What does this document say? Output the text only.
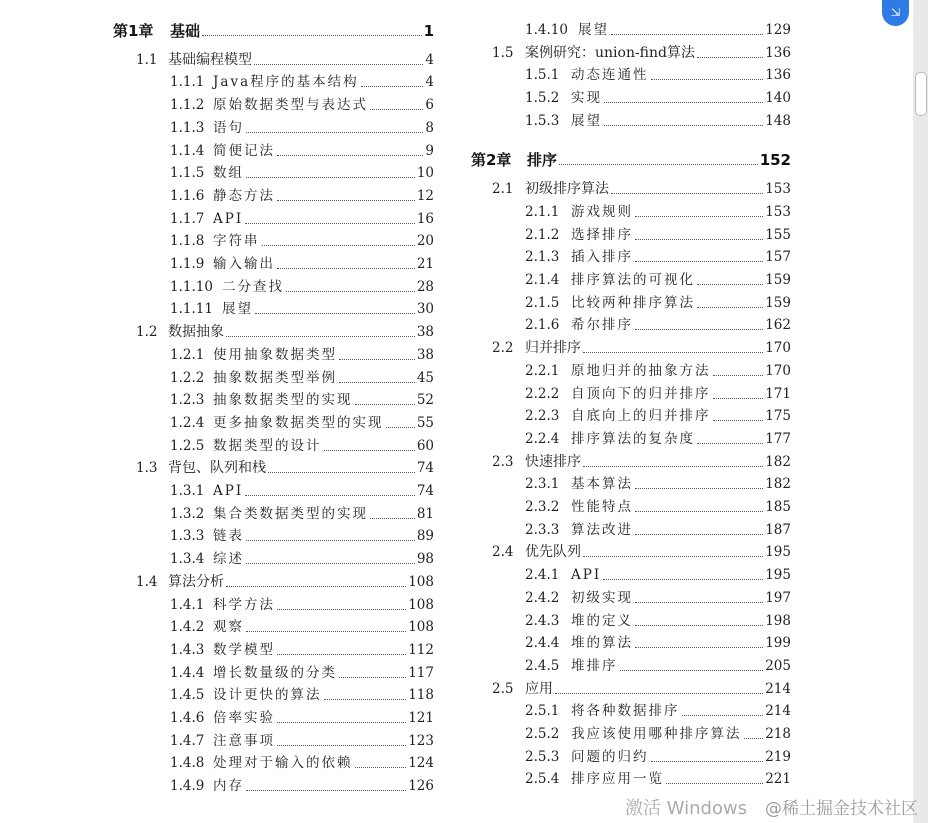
第1章 基础	1
1.1 基础编程模型	4
1.1.1 Java程序的基本结构	4
1.1.2 原始数据类型与表达式	6
1.1.3 语句	8
1.1.4 简便记法	9
1.1.5 数组	10
1.1.6 静态方法	12
1.1.7 API	16
1.1.8 字符串	20
1.1.9 输入输出	21
1.1.10 二分查找	28
1.1.11 展望	30
1.2 数据抽象	38
1.2.1 使用抽象数据类型	38
1.2.2 抽象数据类型举例	45
1.2.3 抽象数据类型的实现	52
1.2.4 更多抽象数据类型的实现 55
1.2.5 数据类型的设计	60
1.3 背包、队列和栈	74
1.3.1 API	74
1.3.2 集合类数据类型的实现	81
1.3.3 链表	89
1.3.4 综述	98
1.4 算法分析	108
1.4.1 科学方法	108
1.4.2 观察	108
1.4.3 数学模型	112
1.4.4 增长数量级的分类	117
1.4.5 设计更快的算法	118
1.4.6 倍率实验	121
1.4.7 注意事项	123
1.4.8 处理对于输入的依赖	124
1.4.9 内存	126
1.4.10 展望	129
1.5 案例研究：union-find算法	136
1.5.1 动态连通性	136
1.5.2 实现	140
1.5.3 展望	148
第2章 排序	152
2.1 初级排序算法	153
2.1.1 游戏规则	153
2.1.2 选择排序	155
2.1.3 插入排序	157
2.1.4 排序算法的可视化	159
2.1.5 比较两种排序算法	159
2.1.6 希尔排序	162
2.2 归并排序	170
2.2.1 原地归并的抽象方法	170
2.2.2 自顶向下的归并排序	171
2.2.3 自底向上的归并排序	175
2.2.4 排序算法的复杂度	177
2.3 快速排序	182
2.3.1 基本算法	182
2.3.2 性能特点	185
2.3.3 算法改进	187
2.4 优先队列	195
2.4.1 API	195
2.4.2 初级实现	197
2.4.3 堆的定义	198
2.4.4 堆的算法	199
2.4.5 堆排序	205
2.5 应用	214
2.5.1 将各种数据排序	214
2.5.2 我应该使用哪种排序算法 218
2.5.3 问题的归约	219
2.5.4 排序应用一览	221
⇲
@稀土掘金技术社区
激活 Windows
